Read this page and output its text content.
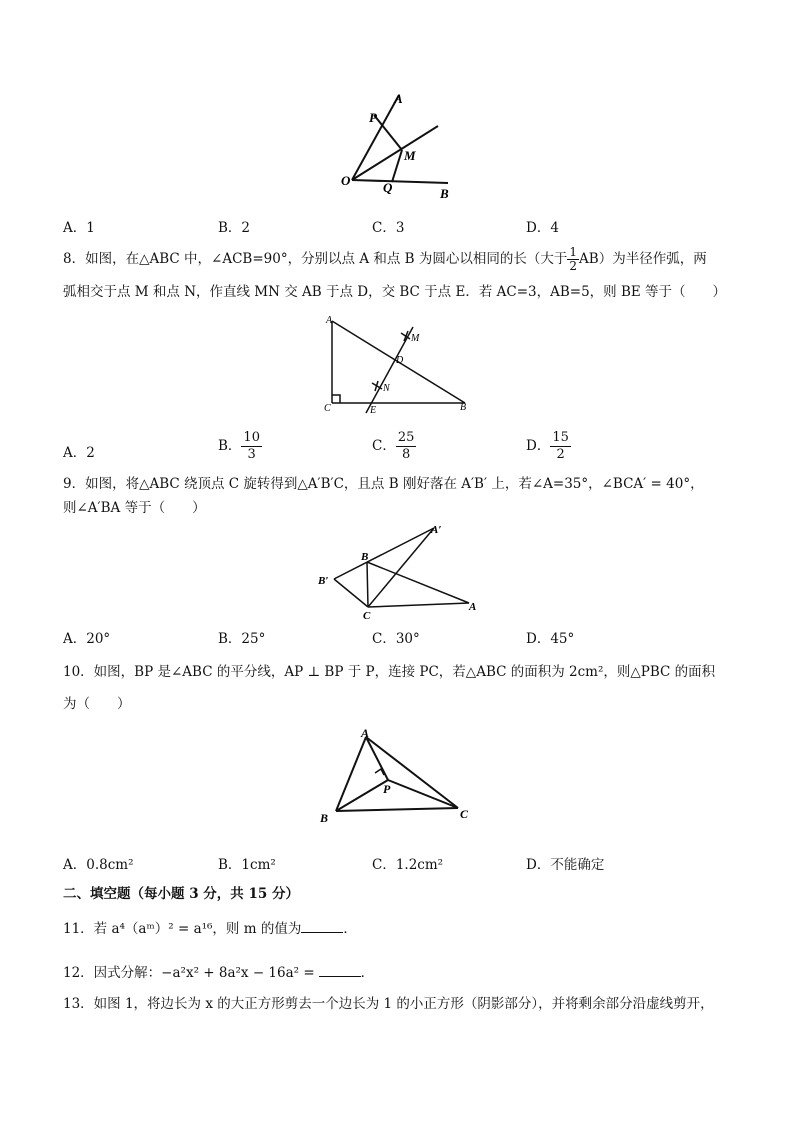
A
P
M
O	Q	B
A．1	B．2	C．3	D．4
8．如图，在△ABC 中，∠ACB=90°，分别以点 A 和点 B 为圆心以相同的长（大于 $\frac{1}{2} AB$）为半径作弧，两
弧相交于点 M 和点 N，作直线 MN 交 AB 于点 D，交 BC 于点 E．若 AC=3，AB=5，则 BE 等于（　　）
A
M
D
N
C	E	B
A．2	B． $\frac{10}{3}$	C． $\frac{25}{8}$	D． $\frac{15}{2}$
9．如图，将△ABC 绕顶点 C 旋转得到△A′B′C，且点 B 刚好落在 A′B′ 上，若∠A=35°，∠BCA′ = 40°，
则∠A′BA 等于（　　）
A′
B
B′
C
A
A．20°	B．25°	C．30°	D．45°
10．如图，BP 是∠ABC 的平分线，AP ⊥ BP 于 P，连接 PC，若△ABC 的面积为 2cm²，则△PBC 的面积
为（　　）
A
P
B	C
A．0.8cm²	B．1cm²	C．1.2cm²	D．不能确定
二、填空题（每小题 3 分，共 15 分）
11．若 a⁴（aᵐ）² = a¹⁶，则 m 的值为	．
12．因式分解：−a²x² + 8a²x − 16a² =	．
13．如图 1，将边长为 x 的大正方形剪去一个边长为 1 的小正方形（阴影部分），并将剩余部分沿虚线剪开，
